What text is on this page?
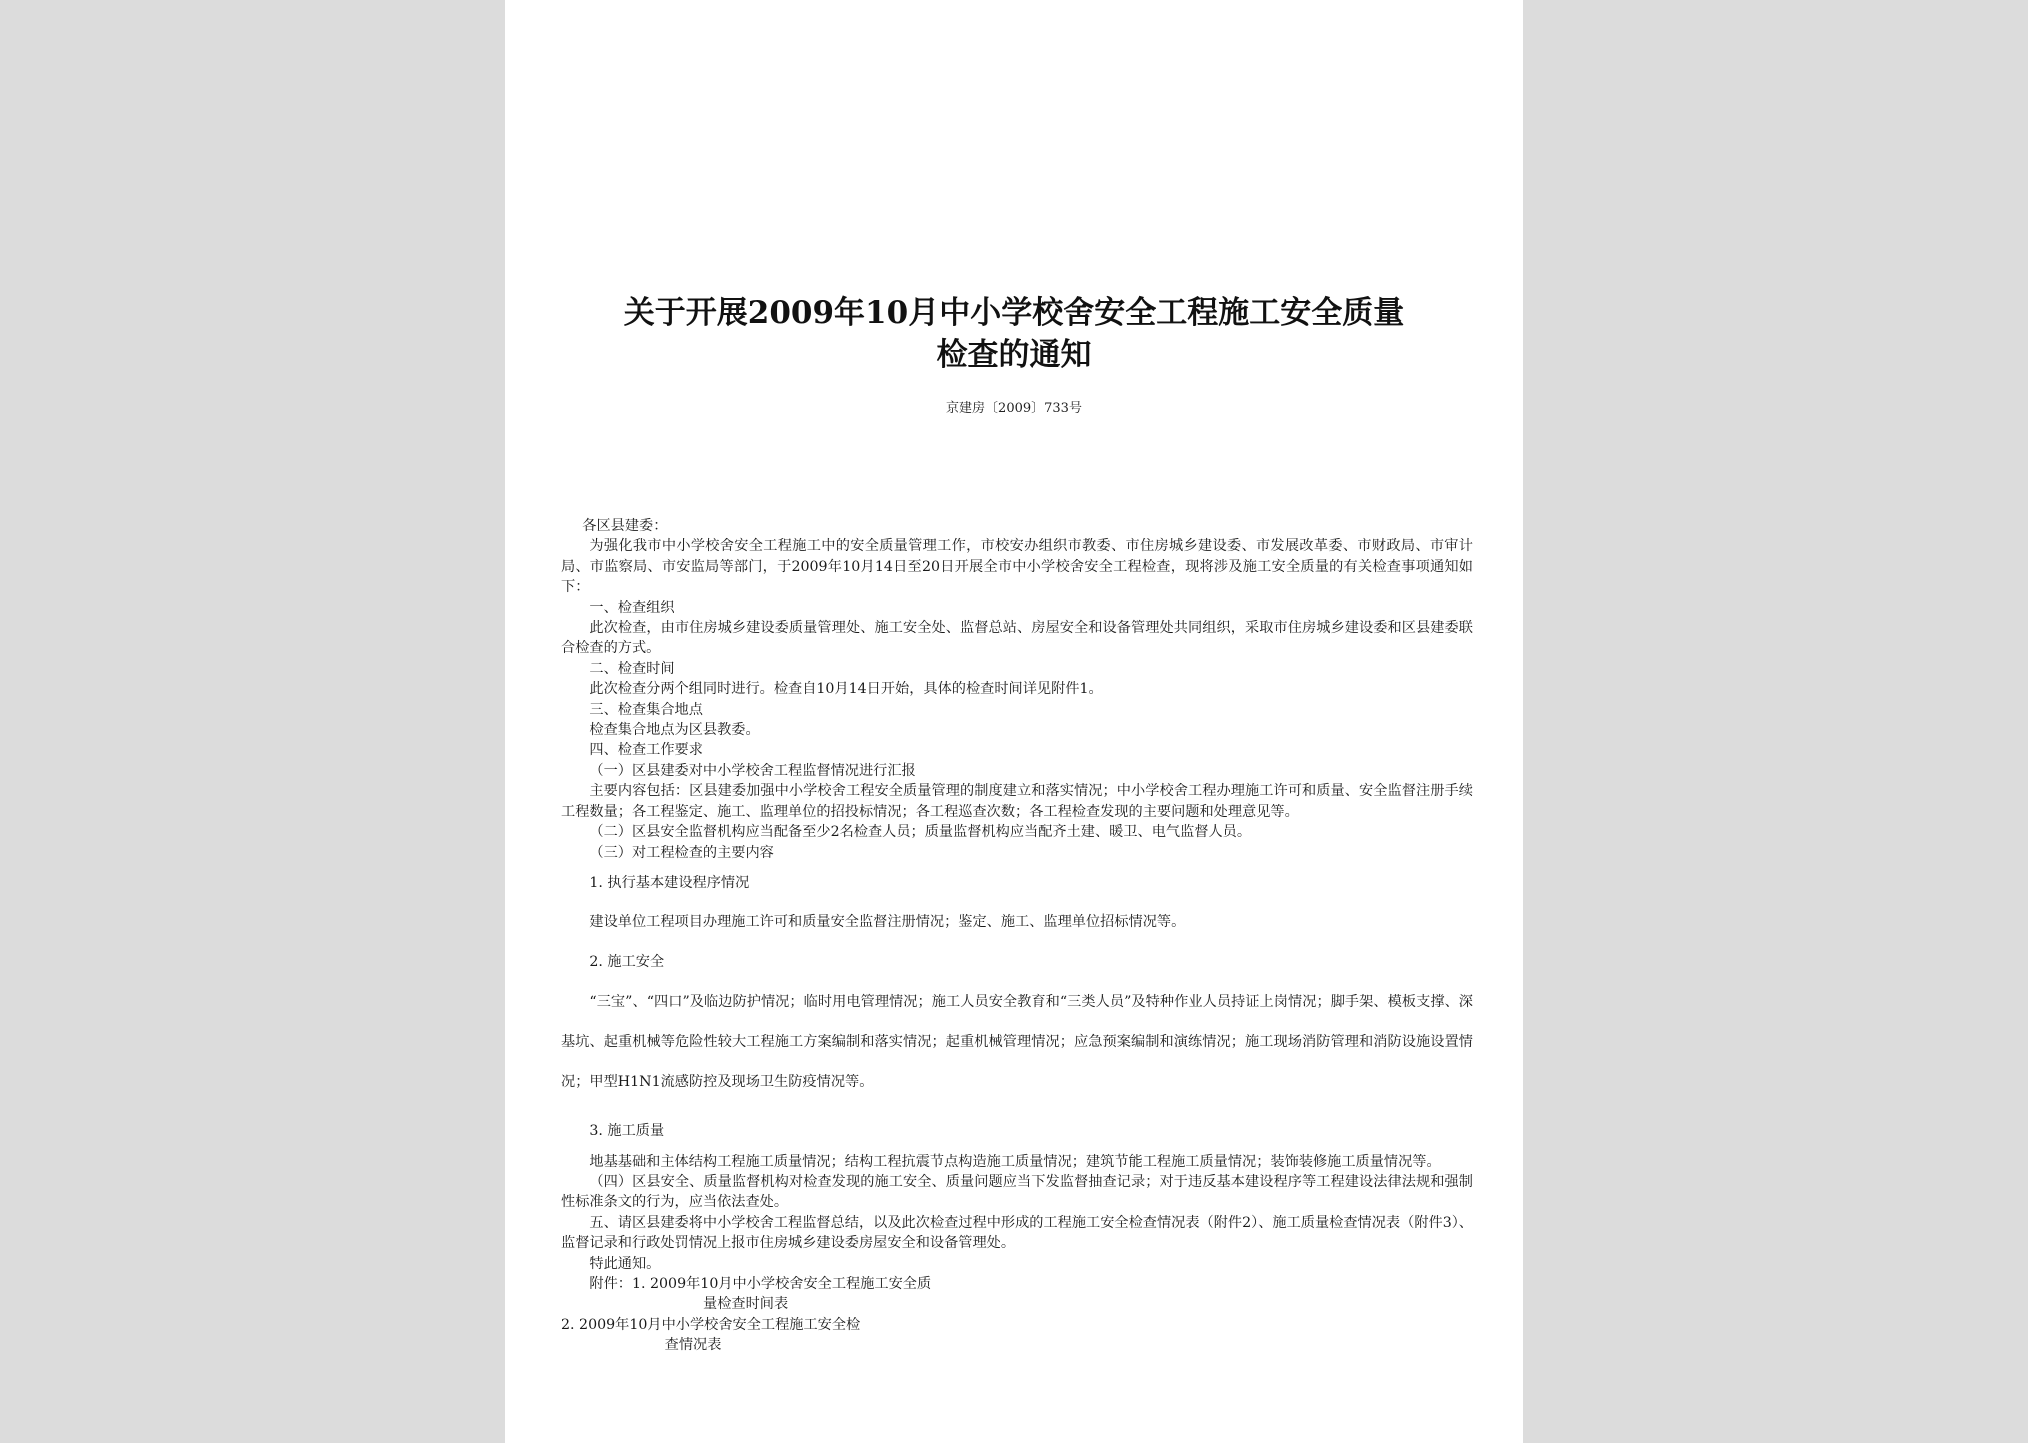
关于开展2009年10月中小学校舍安全工程施工安全质量
检查的通知
京建房〔2009〕733号

各区县建委：

为强化我市中小学校舍安全工程施工中的安全质量管理工作，市校安办组织市教委、市住房城乡建设委、市发展改革委、市财政局、市审计局、市监察局、市安监局等部门，于2009年10月14日至20日开展全市中小学校舍安全工程检查，现将涉及施工安全质量的有关检查事项通知如下：

一、检查组织

此次检查，由市住房城乡建设委质量管理处、施工安全处、监督总站、房屋安全和设备管理处共同组织，采取市住房城乡建设委和区县建委联合检查的方式。

二、检查时间

此次检查分两个组同时进行。检查自10月14日开始，具体的检查时间详见附件1。

三、检查集合地点

检查集合地点为区县教委。

四、检查工作要求

（一）区县建委对中小学校舍工程监督情况进行汇报

主要内容包括：区县建委加强中小学校舍工程安全质量管理的制度建立和落实情况；中小学校舍工程办理施工许可和质量、安全监督注册手续工程数量；各工程鉴定、施工、监理单位的招投标情况；各工程巡查次数；各工程检查发现的主要问题和处理意见等。

（二）区县安全监督机构应当配备至少2名检查人员；质量监督机构应当配齐土建、暖卫、电气监督人员。

（三）对工程检查的主要内容

1. 执行基本建设程序情况

建设单位工程项目办理施工许可和质量安全监督注册情况；鉴定、施工、监理单位招标情况等。

2. 施工安全

“三宝”、“四口”及临边防护情况；临时用电管理情况；施工人员安全教育和“三类人员”及特种作业人员持证上岗情况；脚手架、模板支撑、深基坑、起重机械等危险性较大工程施工方案编制和落实情况；起重机械管理情况；应急预案编制和演练情况；施工现场消防管理和消防设施设置情况；甲型H1N1流感防控及现场卫生防疫情况等。

3. 施工质量

地基基础和主体结构工程施工质量情况；结构工程抗震节点构造施工质量情况；建筑节能工程施工质量情况；装饰装修施工质量情况等。

（四）区县安全、质量监督机构对检查发现的施工安全、质量问题应当下发监督抽查记录；对于违反基本建设程序等工程建设法律法规和强制性标准条文的行为，应当依法查处。

五、请区县建委将中小学校舍工程监督总结，以及此次检查过程中形成的工程施工安全检查情况表（附件2）、施工质量检查情况表（附件3）、监督记录和行政处罚情况上报市住房城乡建设委房屋安全和设备管理处。

特此通知。

附件：1. 2009年10月中小学校舍安全工程施工安全质

量检查时间表

2. 2009年10月中小学校舍安全工程施工安全检

查情况表
